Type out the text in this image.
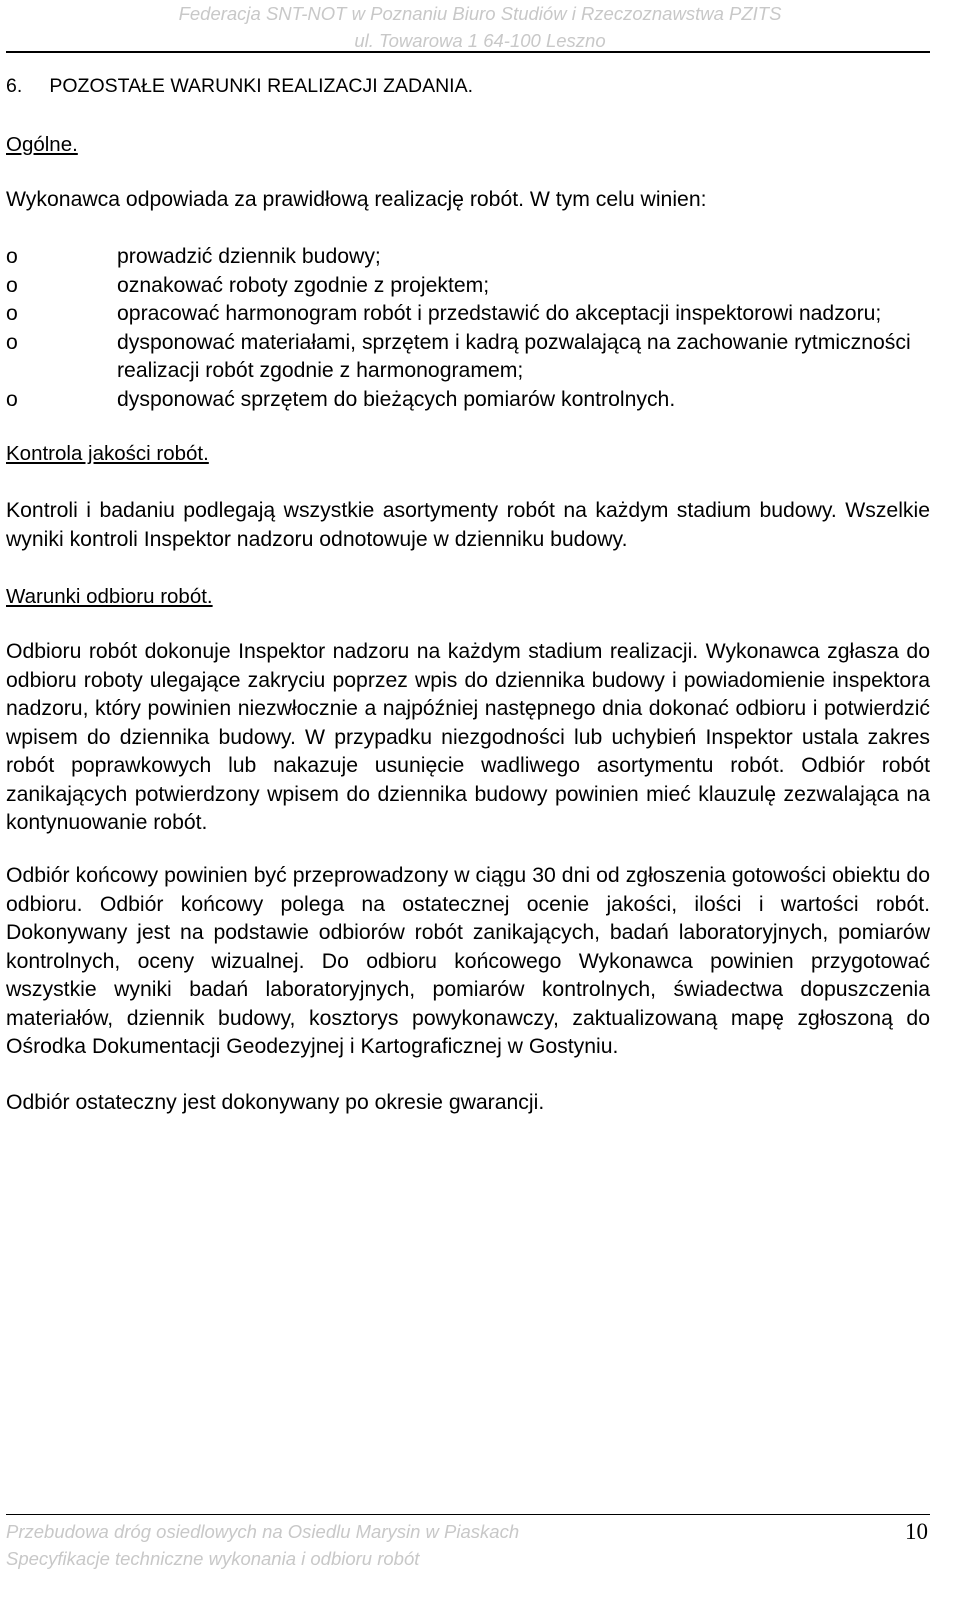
Federacja SNT-NOT w Poznaniu Biuro Studiów i Rzeczoznawstwa PZITS
ul. Towarowa 1 64-100 Leszno
6. POZOSTAŁE WARUNKI REALIZACJI ZADANIA.
Ogólne.

Wykonawca odpowiada za prawidłową realizację robót. W tym celu winien:

o	prowadzić dziennik budowy;
o	oznakować roboty zgodnie z projektem;
o	opracować harmonogram robót i przedstawić do akceptacji inspektorowi nadzoru;
o	dysponować materiałami, sprzętem i kadrą pozwalającą na zachowanie rytmiczności realizacji robót zgodnie z harmonogramem;
o	dysponować sprzętem do bieżących pomiarów kontrolnych.
Kontrola jakości robót.

Kontroli i badaniu podlegają wszystkie asortymenty robót na każdym stadium budowy. Wszelkie wyniki kontroli Inspektor nadzoru odnotowuje w dzienniku budowy.

Warunki odbioru robót.

Odbioru robót dokonuje Inspektor nadzoru na każdym stadium realizacji. Wykonawca zgłasza do odbioru roboty ulegające zakryciu poprzez wpis do dziennika budowy i powiadomienie inspektora nadzoru, który powinien niezwłocznie a najpóźniej następnego dnia dokonać odbioru i potwierdzić wpisem do dziennika budowy. W przypadku niezgodności lub uchybień Inspektor ustala zakres robót poprawkowych lub nakazuje usunięcie wadliwego asortymentu robót. Odbiór robót zanikających potwierdzony wpisem do dziennika budowy powinien mieć klauzulę zezwalająca na kontynuowanie robót.

Odbiór końcowy powinien być przeprowadzony w ciągu 30 dni od zgłoszenia gotowości obiektu do odbioru. Odbiór końcowy polega na ostatecznej ocenie jakości, ilości i wartości robót. Dokonywany jest na podstawie odbiorów robót zanikających, badań laboratoryjnych, pomiarów kontrolnych, oceny wizualnej. Do odbioru końcowego Wykonawca powinien przygotować wszystkie wyniki badań laboratoryjnych, pomiarów kontrolnych, świadectwa dopuszczenia materiałów, dziennik budowy, kosztorys powykonawczy, zaktualizowaną mapę zgłoszoną do Ośrodka Dokumentacji Geodezyjnej i Kartograficznej w Gostyniu.

Odbiór ostateczny jest dokonywany po okresie gwarancji.

Przebudowa dróg osiedlowych na Osiedlu Marysin w Piaskach
Specyfikacje techniczne wykonania i odbioru robót
10
